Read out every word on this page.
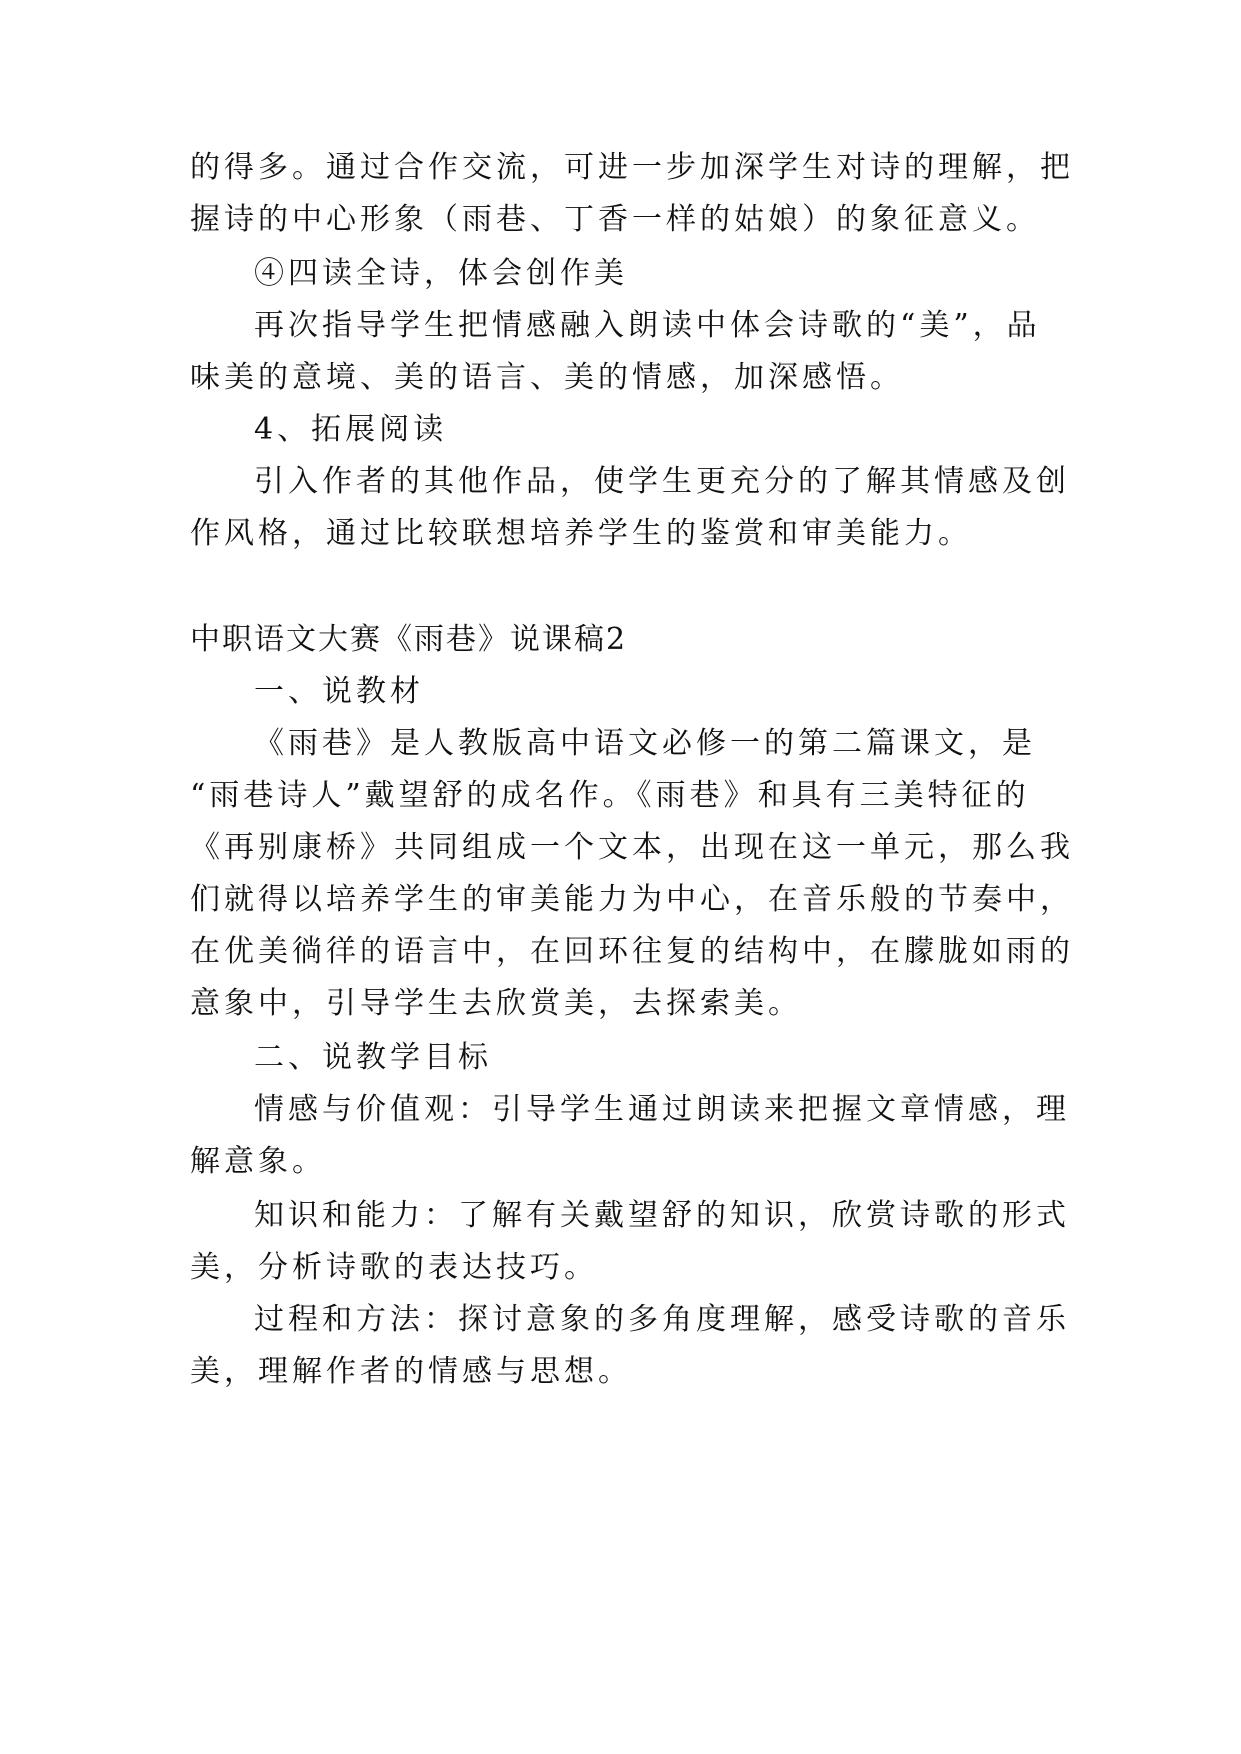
的得多。通过合作交流，可进一步加深学生对诗的理解，把
握诗的中心形象（雨巷、丁香一样的姑娘）的象征意义。
④四读全诗，体会创作美
再次指导学生把情感融入朗读中体会诗歌的“美”，品
味美的意境、美的语言、美的情感，加深感悟。
4、拓展阅读
引入作者的其他作品，使学生更充分的了解其情感及创
作风格，通过比较联想培养学生的鉴赏和审美能力。
中职语文大赛《雨巷》说课稿2
一、说教材
《雨巷》是人教版高中语文必修一的第二篇课文，是
“雨巷诗人”戴望舒的成名作。《雨巷》和具有三美特征的
《再别康桥》共同组成一个文本，出现在这一单元，那么我
们就得以培养学生的审美能力为中心，在音乐般的节奏中，
在优美徜徉的语言中，在回环往复的结构中，在朦胧如雨的
意象中，引导学生去欣赏美，去探索美。
二、说教学目标
情感与价值观：引导学生通过朗读来把握文章情感，理
解意象。
知识和能力：了解有关戴望舒的知识，欣赏诗歌的形式
美，分析诗歌的表达技巧。
过程和方法：探讨意象的多角度理解，感受诗歌的音乐
美，理解作者的情感与思想。
